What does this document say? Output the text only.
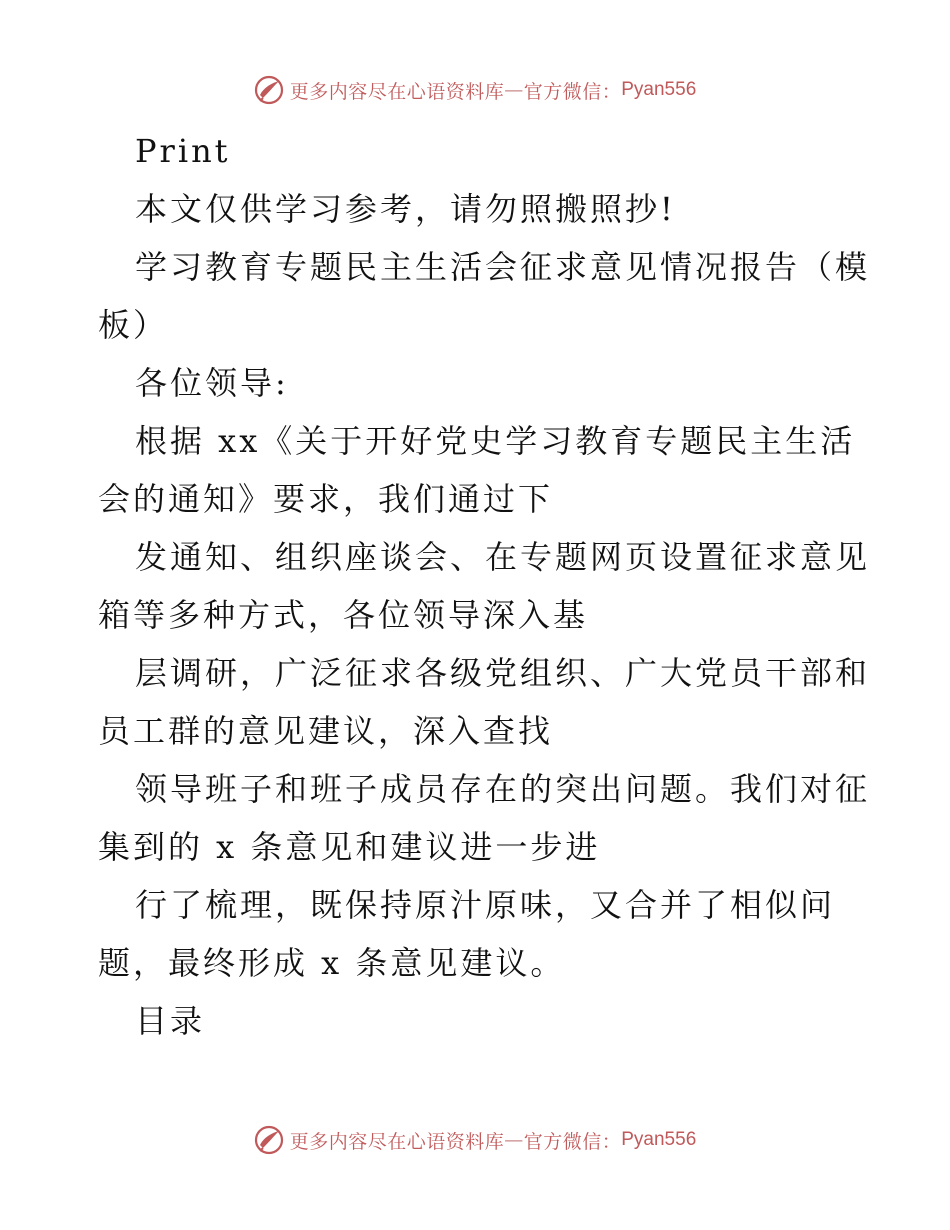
更多内容尽在心语资料库 — 官方微信： Pyan556
Print
本文仅供学习参考，请勿照搬照抄!
学习教育专题民主生活会征求意见情况报告（模
板）
各位领导:
根据 xx《关于开好党史学习教育专题民主生活
会的通知》要求，我们通过下
发通知、组织座谈会、在专题网页设置征求意见
箱等多种方式，各位领导深入基
层调研，广泛征求各级党组织、广大党员干部和
员工群的意见建议，深入查找
领导班子和班子成员存在的突出问题。我们对征
集到的 x 条意见和建议进一步进
行了梳理，既保持原汁原味，又合并了相似问
题，最终形成 x 条意见建议。
目录
更多内容尽在心语资料库 — 官方微信： Pyan556
